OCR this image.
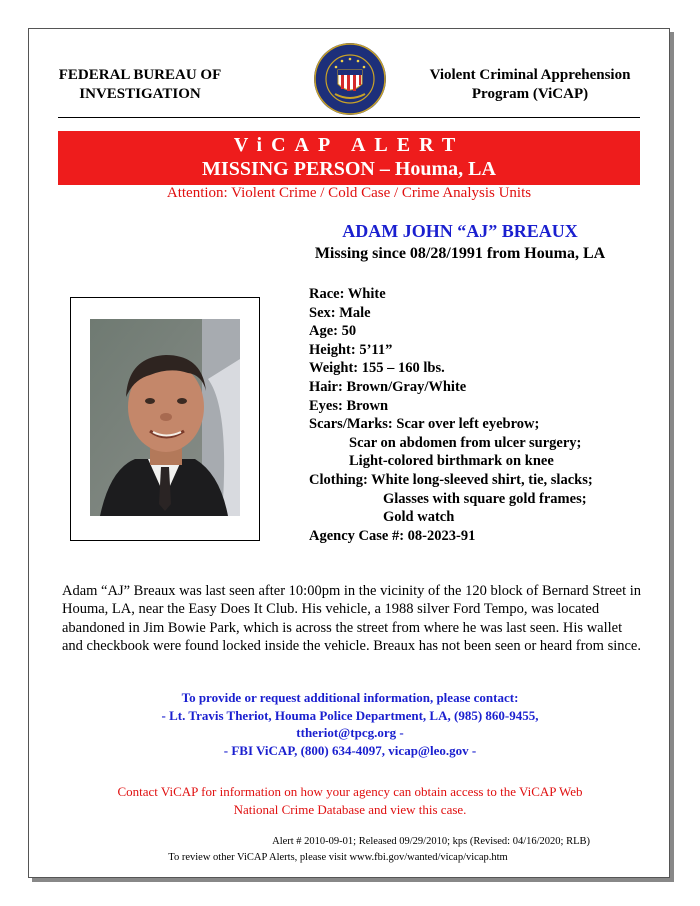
FEDERAL BUREAU OF
INVESTIGATION
Violent Criminal Apprehension
Program (ViCAP)
ViCAP ALERT
MISSING PERSON – Houma, LA
Attention: Violent Crime / Cold Case / Crime Analysis Units
ADAM JOHN “AJ” BREAUX
Missing since 08/28/1991 from Houma, LA
Race: White
Sex: Male
Age: 50
Height: 5’11”
Weight: 155 – 160 lbs.
Hair: Brown/Gray/White
Eyes: Brown
Scars/Marks: Scar over left eyebrow;
Scar on abdomen from ulcer surgery;
Light-colored birthmark on knee
Clothing: White long-sleeved shirt, tie, slacks;
Glasses with square gold frames;
Gold watch
Agency Case #: 08-2023-91
Adam “AJ” Breaux was last seen after 10:00pm in the vicinity of the 120 block of Bernard Street in Houma, LA, near the Easy Does It Club. His vehicle, a 1988 silver Ford Tempo, was located abandoned in Jim Bowie Park, which is across the street from where he was last seen. His wallet and checkbook were found locked inside the vehicle. Breaux has not been seen or heard from since.
To provide or request additional information, please contact:
- Lt. Travis Theriot, Houma Police Department, LA, (985) 860-9455,
ttheriot@tpcg.org -
- FBI ViCAP, (800) 634-4097, vicap@leo.gov -
Contact ViCAP for information on how your agency can obtain access to the ViCAP Web
National Crime Database and view this case.
Alert # 2010-09-01; Released 09/29/2010; kps (Revised: 04/16/2020; RLB)
To review other ViCAP Alerts, please visit www.fbi.gov/wanted/vicap/vicap.htm
